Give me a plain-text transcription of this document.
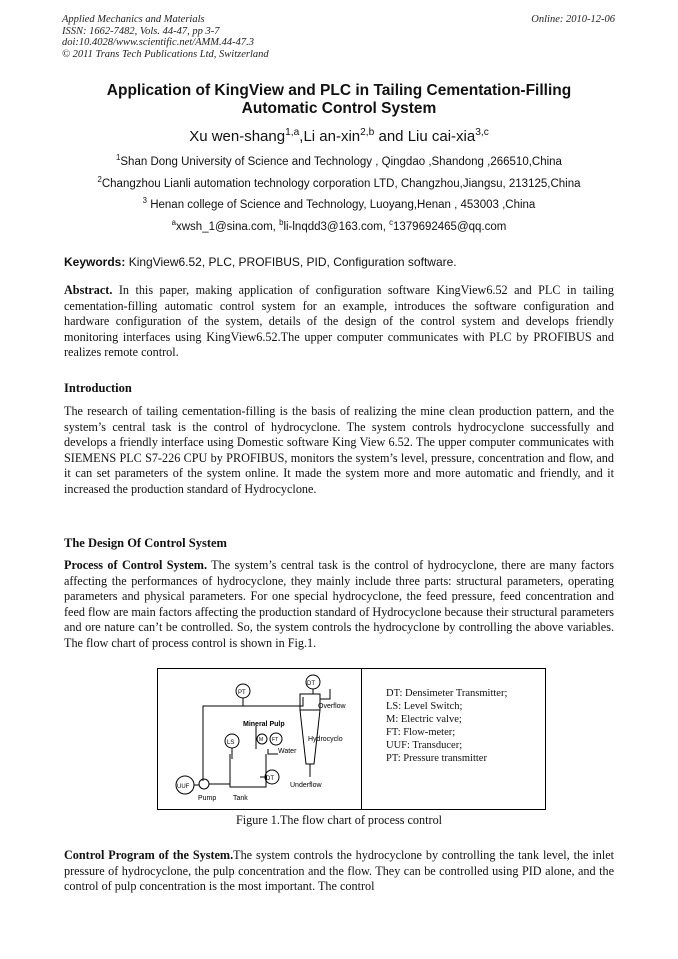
Applied Mechanics and Materials
ISSN: 1662-7482, Vols. 44-47, pp 3-7
doi:10.4028/www.scientific.net/AMM.44-47.3
© 2011 Trans Tech Publications Ltd, Switzerland
Online: 2010-12-06
Application of KingView and PLC in Tailing Cementation-Filling
Automatic Control System
Xu wen-shang$^{1,a}$,Li an-xin$^{2,b}$ and Liu cai-xia$^{3,c}$
$^1$Shan Dong University of Science and Technology , Qingdao ,Shandong ,266510,China
$^2$Changzhou Lianli automation technology corporation LTD, Changzhou,Jiangsu, 213125,China
$^3$ Henan college of Science and Technology, Luoyang,Henan , 453003 ,China
$^a$xwsh_1@sina.com, $^b$li-lnqdd3@163.com, $^c$1379692465@qq.com
Keywords: KingView6.52, PLC, PROFIBUS, PID, Configuration software.
Abstract. In this paper, making application of configuration software KingView6.52 and PLC in tailing cementation-filling automatic control system for an example, introduces the software configuration and hardware configuration of the system, details of the design of the control system and develops friendly monitoring interfaces using KingView6.52.The upper computer communicates with PLC by PROFIBUS and realizes remote control.
Introduction
The research of tailing cementation-filling is the basis of realizing the mine clean production pattern, and the system’s central task is the control of hydrocyclone. The system controls hydrocyclone successfully and develops a friendly interface using Domestic software King View 6.52. The upper computer communicates with SIEMENS PLC S7-226 CPU by PROFIBUS, monitors the system’s level, pressure, concentration and flow, and it can set parameters of the system online. It made the system more and more automatic and friendly, and it increased the production standard of Hydrocyclone.
The Design Of Control System
Process of Control System. The system’s central task is the control of hydrocyclone, there are many factors affecting the performances of hydrocyclone, they mainly include three parts: structural parameters, operating parameters and physical parameters. For one special hydrocyclone, the feed pressure, feed concentration and feed flow are main factors affecting the production standard of Hydrocyclone because their structural parameters and ore nature can’t be controlled. So, the system controls the hydrocyclone by controlling the above variables. The flow chart of process control is shown in Fig.1.
DT
Overflow
PT
Mineral Pulp
Hydrocyclo
LS	M FT
Water
UUF
DT
Underflow
Pump Tank
DT: Densimeter Transmitter;
LS: Level Switch;
M: Electric valve;
FT: Flow-meter;
UUF: Transducer;
PT: Pressure transmitter
Figure 1.The flow chart of process control
Control Program of the System.The system controls the hydrocyclone by controlling the tank level, the inlet pressure of hydrocyclone, the pulp concentration and the flow. They can be controlled using PID alone, and the control of pulp concentration is the most important. The control
